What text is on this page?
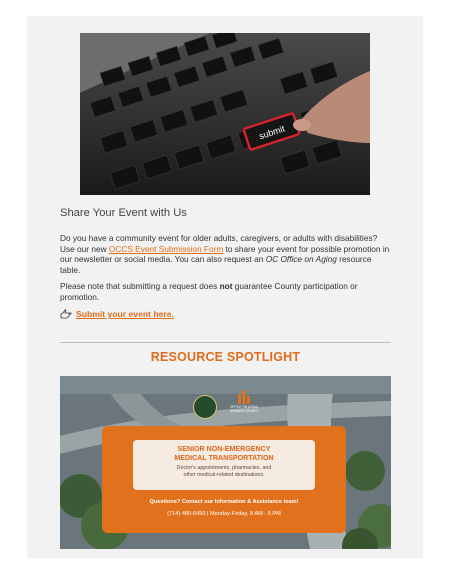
submit
Share Your Event with Us
Do you have a community event for older adults, caregivers, or adults with disabilities? Use our new OCCS Event Submission Form to share your event for possible promotion in our newsletter or social media. You can also request an OC Office on Aging resource table.
Please note that submitting a request does not guarantee County participation or promotion.
Submit your event here.
RESOURCE SPOTLIGHT
OFFICE ON AGING
ORANGE COUNTY
SENIOR NON-EMERGENCY
MEDICAL TRANSPORTATION
Doctor's appointments, pharmacies, and
other medical-related destinations.
Questions? Contact our Information & Assistance team!
(714) 480-6450 | Monday-Friday, 8 AM - 5 PM
